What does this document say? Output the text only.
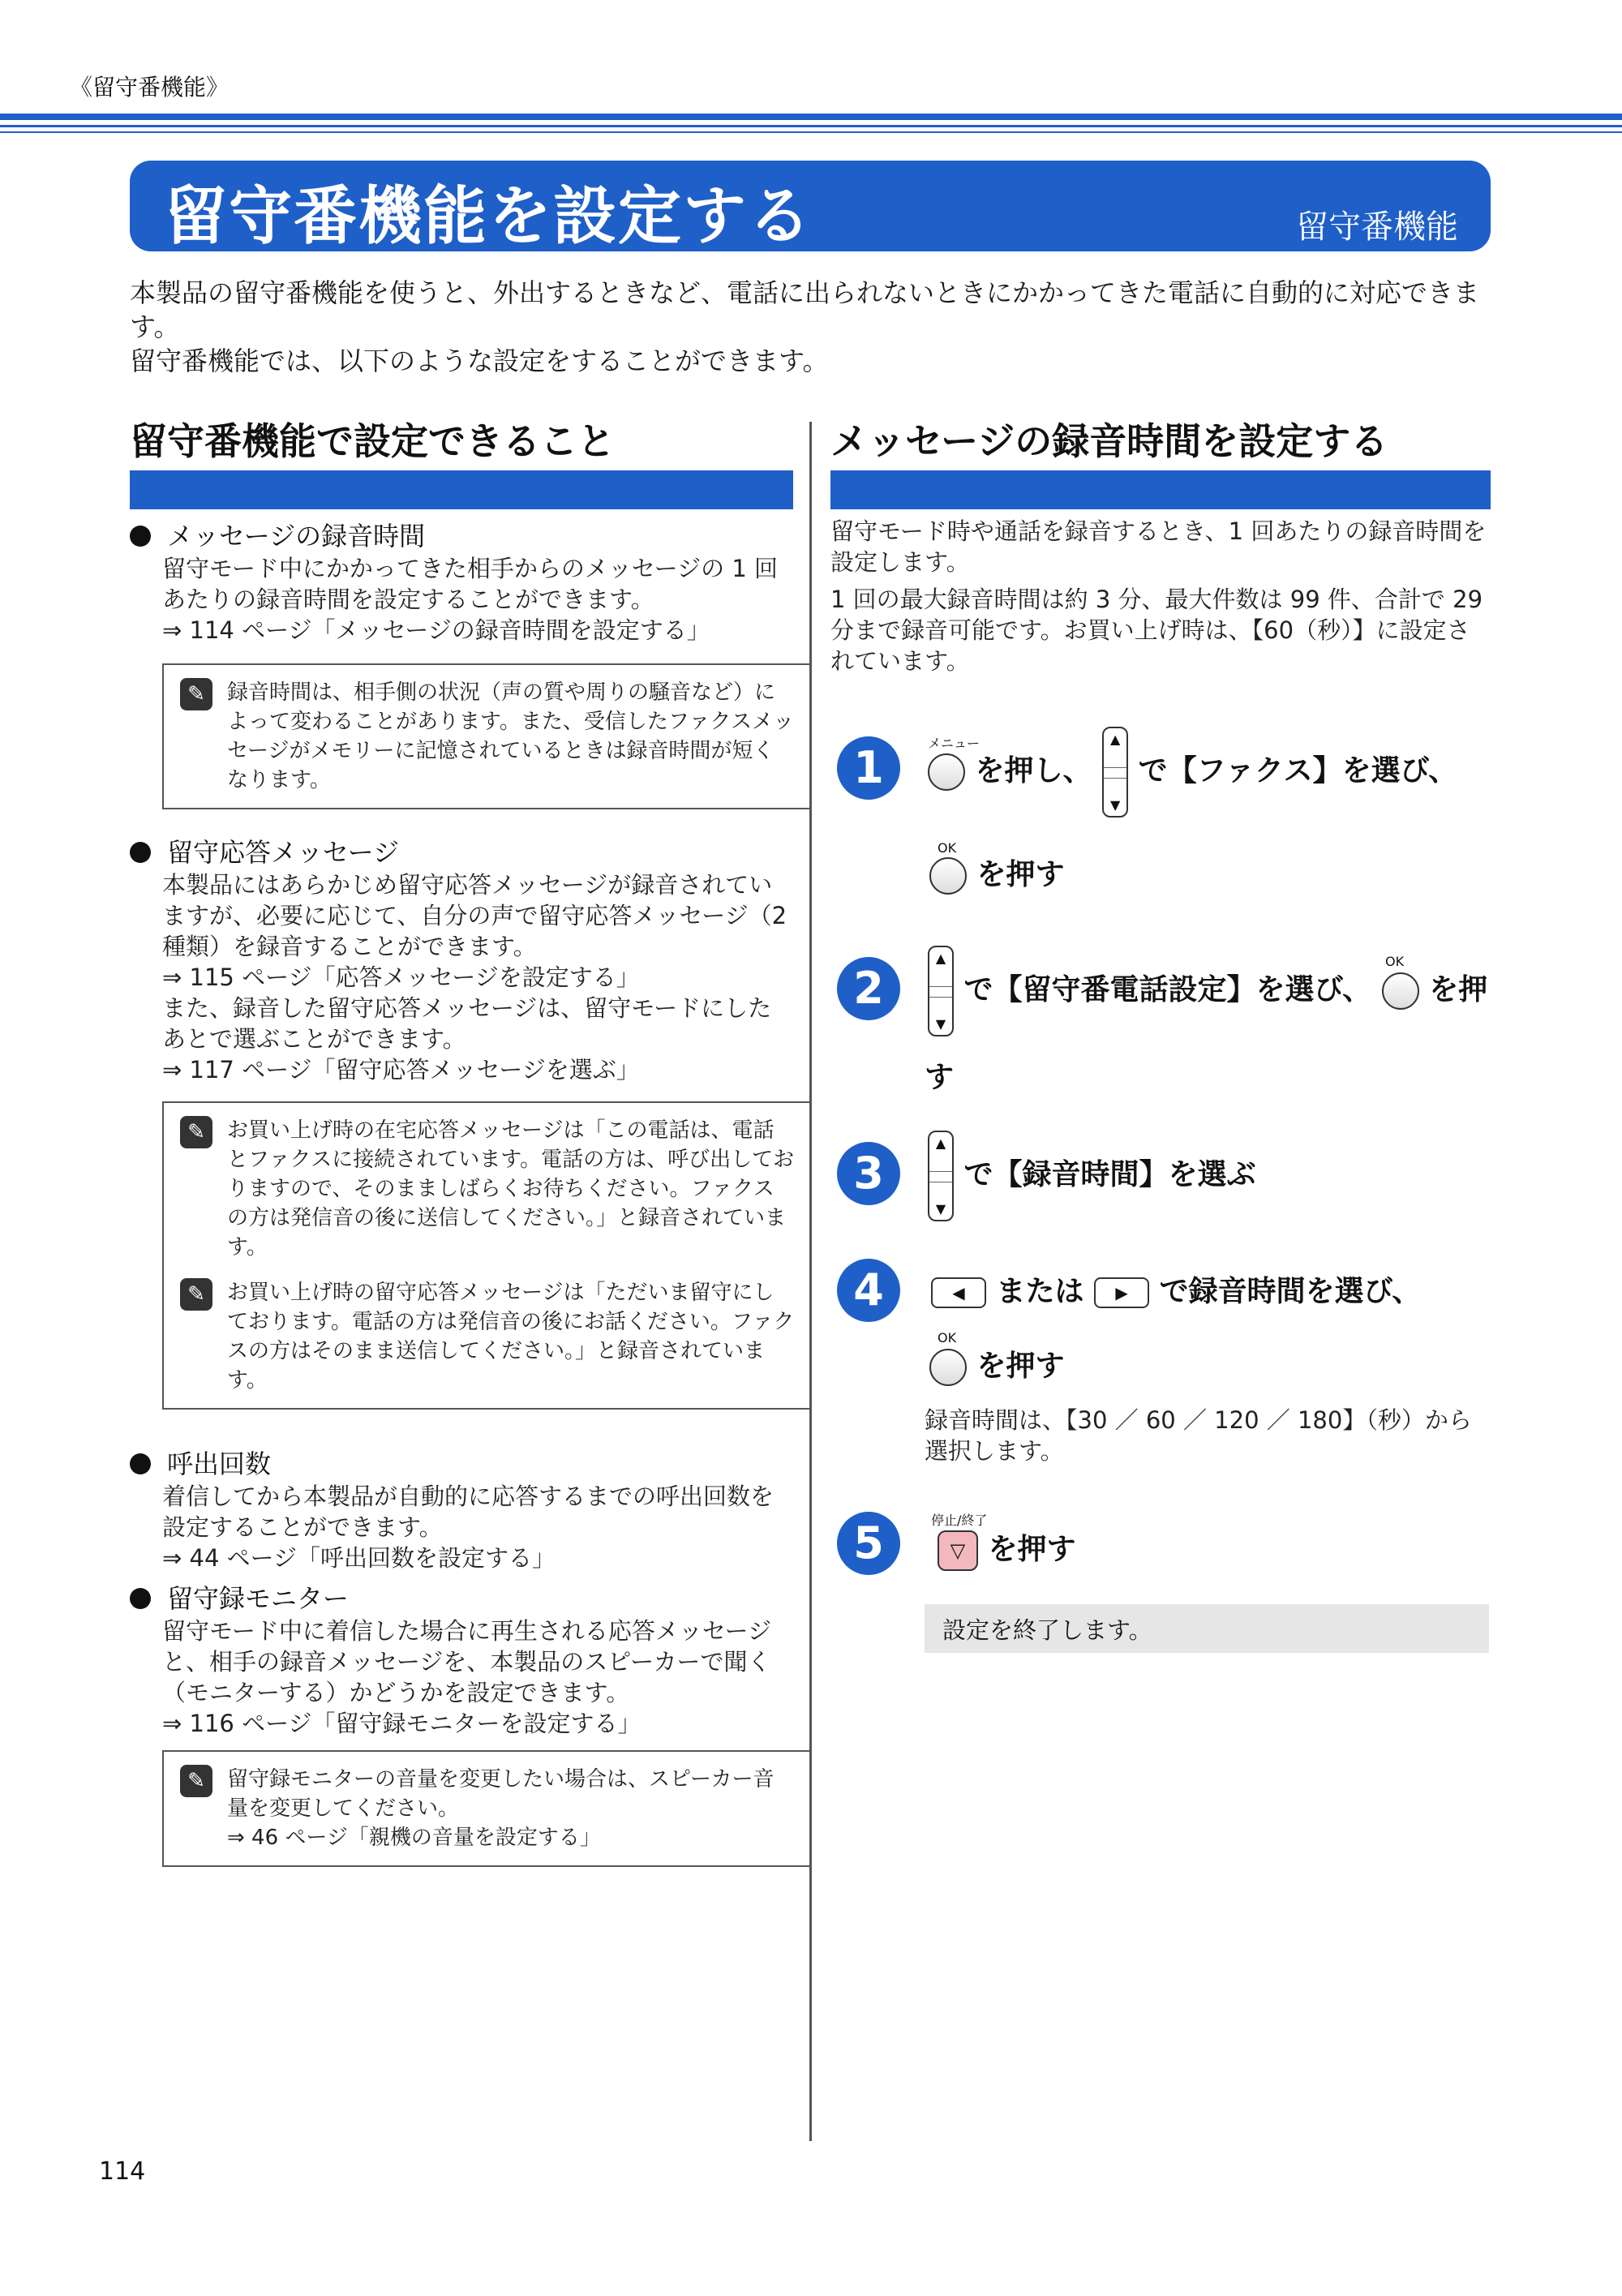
《留守番機能》
留守番機能を設定する	留守番機能

本製品の留守番機能を使うと、外出するときなど、電話に出られないときにかかってきた電話に自動的に対応できます。

留守番機能では、以下のような設定をすることができます。

留守番機能で設定できること
メッセージの録音時間

留守モード中にかかってきた相手からのメッセージの 1 回あたりの録音時間を設定することができます。

⇒ 114 ページ「メッセージの録音時間を設定する」

✎	録音時間は、相手側の状況（声の質や周りの騒音など）によって変わることがあります。また、受信したファクスメッセージがメモリーに記憶されているときは録音時間が短くなります。

留守応答メッセージ

本製品にはあらかじめ留守応答メッセージが録音されていますが、必要に応じて、自分の声で留守応答メッセージ（2 種類）を録音することができます。

⇒ 115 ページ「応答メッセージを設定する」

また、録音した留守応答メッセージは、留守モードにしたあとで選ぶことができます。

⇒ 117 ページ「留守応答メッセージを選ぶ」

✎	お買い上げ時の在宅応答メッセージは「この電話は、電話とファクスに接続されています。電話の方は、呼び出しておりますので、そのまましばらくお待ちください。ファクスの方は発信音の後に送信してください。」と録音されています。

✎	お買い上げ時の留守応答メッセージは「ただいま留守にしております。電話の方は発信音の後にお話ください。ファクスの方はそのまま送信してください。」と録音されています。

呼出回数

着信してから本製品が自動的に応答するまでの呼出回数を設定することができます。

⇒ 44 ページ「呼出回数を設定する」

留守録モニター

留守モード中に着信した場合に再生される応答メッセージと、相手の録音メッセージを、本製品のスピーカーで聞く（モニターする）かどうかを設定できます。

⇒ 116 ページ「留守録モニターを設定する」

✎	留守録モニターの音量を変更したい場合は、スピーカー音量を変更してください。

⇒ 46 ページ「親機の音量を設定する」

メッセージの録音時間を設定する

留守モード時や通話を録音するとき、1 回あたりの録音時間を設定します。

1 回の最大録音時間は約 3 分、最大件数は 99 件、合計で 29 分まで録音可能です。お買い上げ時は、【60（秒）】に設定されています。

1	メニュー
を押し、
▲
▼
で【ファクス】を選び、
OK
を押す
2
▲
▼
で【留守番電話設定】を選び、 を押
OK
す
3
▲
▼
で【録音時間】を選ぶ
4	◀ または ▶ で録音時間を選び、
OK
を押す
録音時間は、【30 ／ 60 ／ 120 ／ 180】（秒）から選択します。
5	停止/終了
▽ を押す
設定を終了します。
114
